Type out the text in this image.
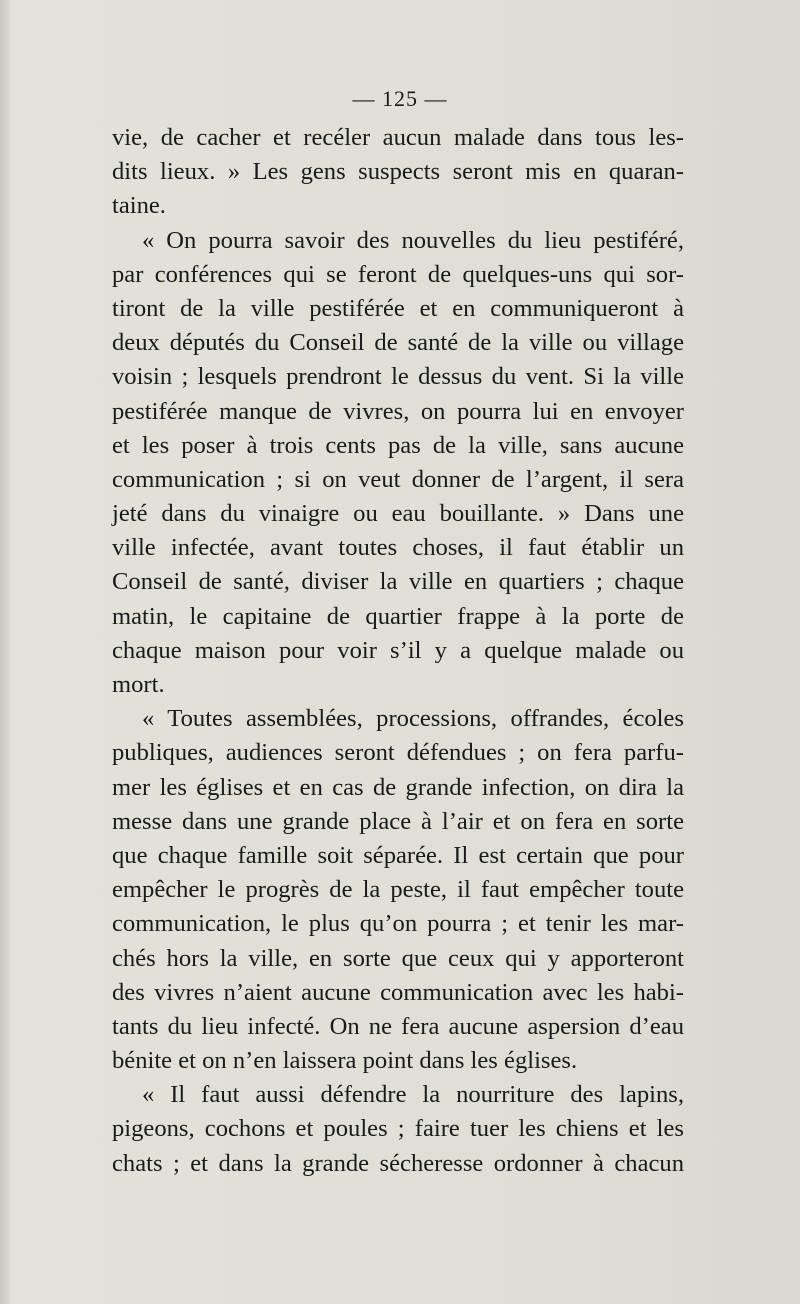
— 125 —
vie, de cacher et recéler aucun malade dans tous les-
dits lieux. » Les gens suspects seront mis en quaran-
taine.
« On pourra savoir des nouvelles du lieu pestiféré,
par conférences qui se feront de quelques-uns qui sor-
tiront de la ville pestiférée et en communiqueront à
deux députés du Conseil de santé de la ville ou village
voisin ; lesquels prendront le dessus du vent. Si la ville
pestiférée manque de vivres, on pourra lui en envoyer
et les poser à trois cents pas de la ville, sans aucune
communication ; si on veut donner de l’argent, il sera
jeté dans du vinaigre ou eau bouillante. » Dans une
ville infectée, avant toutes choses, il faut établir un
Conseil de santé, diviser la ville en quartiers ; chaque
matin, le capitaine de quartier frappe à la porte de
chaque maison pour voir s’il y a quelque malade ou
mort.
« Toutes assemblées, processions, offrandes, écoles
publiques, audiences seront défendues ; on fera parfu-
mer les églises et en cas de grande infection, on dira la
messe dans une grande place à l’air et on fera en sorte
que chaque famille soit séparée. Il est certain que pour
empêcher le progrès de la peste, il faut empêcher toute
communication, le plus qu’on pourra ; et tenir les mar-
chés hors la ville, en sorte que ceux qui y apporteront
des vivres n’aient aucune communication avec les habi-
tants du lieu infecté. On ne fera aucune aspersion d’eau
bénite et on n’en laissera point dans les églises.
« Il faut aussi défendre la nourriture des lapins,
pigeons, cochons et poules ; faire tuer les chiens et les
chats ; et dans la grande sécheresse ordonner à chacun
